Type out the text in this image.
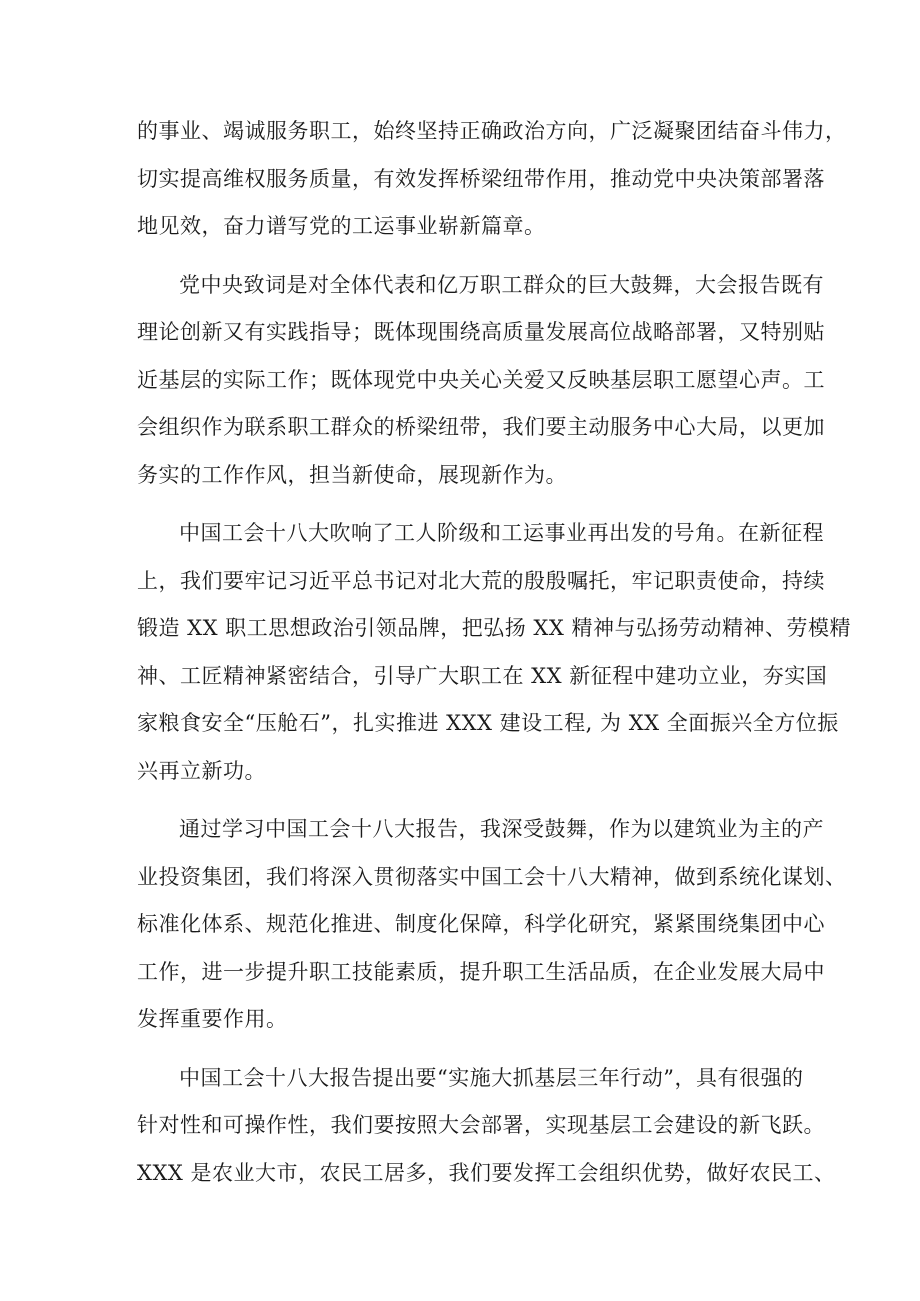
的事业、竭诚服务职工，始终坚持正确政治方向，广泛凝聚团结奋斗伟力，
切实提高维权服务质量，有效发挥桥梁纽带作用，推动党中央决策部署落
地见效，奋力谱写党的工运事业崭新篇章。

党中央致词是对全体代表和亿万职工群众的巨大鼓舞，大会报告既有
理论创新又有实践指导；既体现围绕高质量发展高位战略部署，又特别贴
近基层的实际工作；既体现党中央关心关爱又反映基层职工愿望心声。工
会组织作为联系职工群众的桥梁纽带，我们要主动服务中心大局，以更加
务实的工作作风，担当新使命，展现新作为。

中国工会十八大吹响了工人阶级和工运事业再出发的号角。在新征程
上，我们要牢记习近平总书记对北大荒的殷殷嘱托，牢记职责使命，持续
锻造 XX 职工思想政治引领品牌，把弘扬 XX 精神与弘扬劳动精神、劳模精
神、工匠精神紧密结合，引导广大职工在 XX 新征程中建功立业，夯实国
家粮食安全“压舱石”，扎实推进 XXX 建设工程, 为 XX 全面振兴全方位振
兴再立新功。

通过学习中国工会十八大报告，我深受鼓舞，作为以建筑业为主的产
业投资集团，我们将深入贯彻落实中国工会十八大精神，做到系统化谋划、
标准化体系、规范化推进、制度化保障，科学化研究，紧紧围绕集团中心
工作，进一步提升职工技能素质，提升职工生活品质，在企业发展大局中
发挥重要作用。

中国工会十八大报告提出要“实施大抓基层三年行动”，具有很强的
针对性和可操作性，我们要按照大会部署，实现基层工会建设的新飞跃。
XXX 是农业大市，农民工居多，我们要发挥工会组织优势，做好农民工、
